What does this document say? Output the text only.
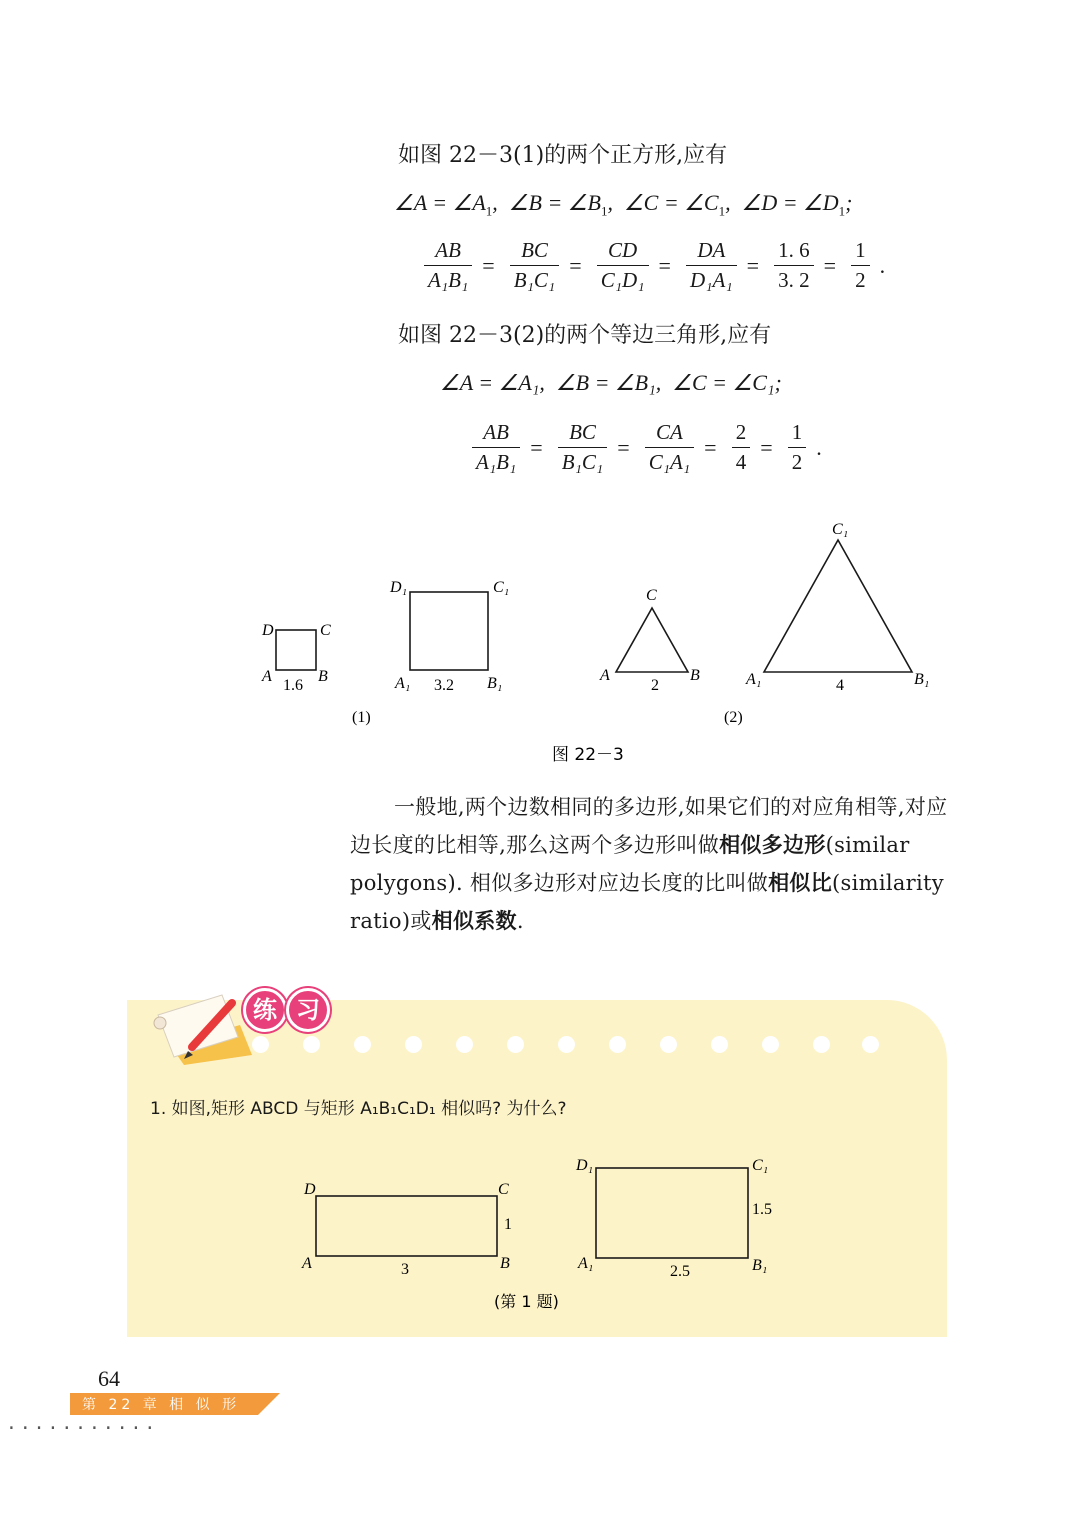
如图 22－3(1)的两个正方形,应有
∠A = $\angle A_1$,  ∠B = $\angle B_1$,  ∠C = $\angle C_1$,  ∠D = $\angle D_1$;
$\frac{AB}{\text{A₁B₁}} = \frac{BC}{\text{B₁C₁}} = \frac{CD}{\text{C₁D₁}} = \frac{DA}{\text{D₁A₁}} = \frac{1. 6}{3. 2} = \frac{1}{2}$ .
如图 22－3(2)的两个等边三角形,应有
∠A = ∠A₁, ∠B = ∠B₁, ∠C = ∠C₁;
$\frac{AB}{\text{A₁B₁}} = \frac{BC}{\text{B₁C₁}} = \frac{CA}{\text{C₁A₁}} = \frac{2}{4} = \frac{1}{2}$ .
D	C
A	B
1.6
D₁	C₁
A₁	B₁
3.2
C
A	B
2
C₁
A₁	B₁
4
(1)	(2)
图 22－3
一般地,两个边数相同的多边形,如果它们的对应角相等,对应边长度的比相等,那么这两个多边形叫做相似多边形(similar polygons). 相似多边形对应边长度的比叫做相似比(similarity ratio)或相似系数.
练 习
1. 如图,矩形 ABCD 与矩形 A₁B₁C₁D₁ 相似吗? 为什么?
D	C
A	B
3
1
D₁	C₁
A₁	B₁
2.5
1.5
(第 1 题)
64
第 22 章 相 似 形
···········
